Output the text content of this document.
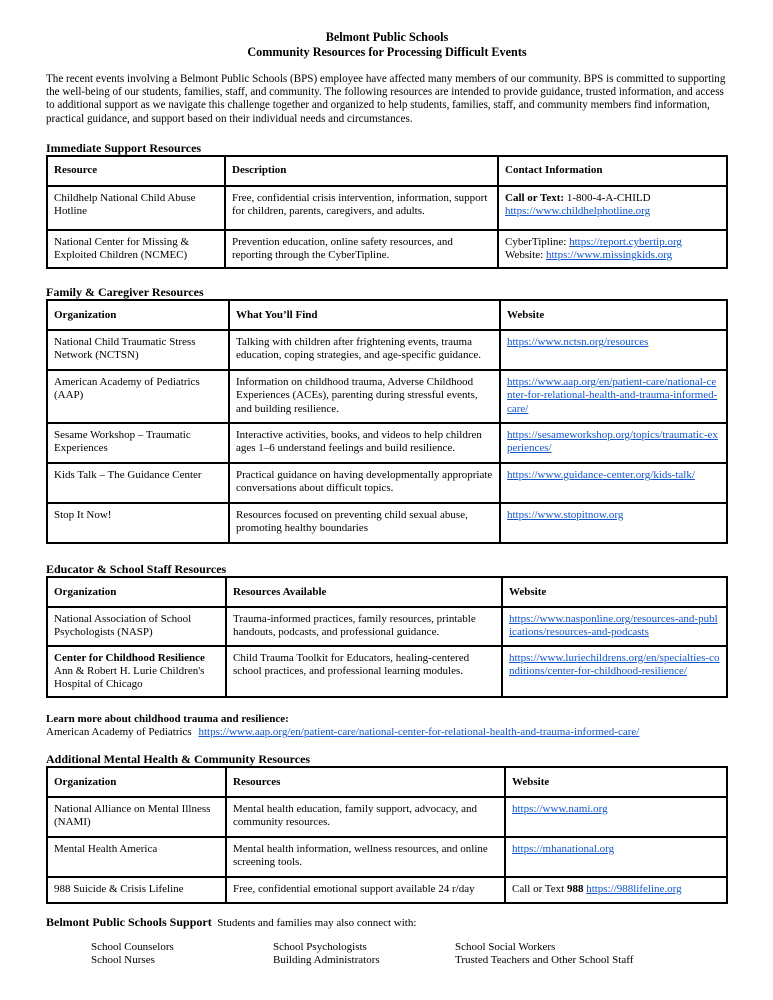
Belmont Public Schools
Community Resources for Processing Difficult Events
The recent events involving a Belmont Public Schools (BPS) employee have affected many members of our community. BPS is committed to supporting the well-being of our students, families, staff, and community. The following resources are intended to provide guidance, trusted information, and access to additional support as we navigate this challenge together and organized to help students, families, staff, and community members find information, practical guidance, and support based on their individual needs and circumstances.
Immediate Support Resources
Resource	Description	Contact Information
Childhelp National Child Abuse Hotline	Free, confidential crisis intervention, information, support for children, parents, caregivers, and adults.	Call or Text: 1-800-4-A-CHILD
https://www.childhelphotline.org
National Center for Missing & Exploited Children (NCMEC)	Prevention education, online safety resources, and reporting through the CyberTipline.	CyberTipline: https://report.cybertip.org
Website: https://www.missingkids.org
Family & Caregiver Resources
Organization	What You’ll Find	Website
National Child Traumatic Stress Network (NCTSN)	Talking with children after frightening events, trauma education, coping strategies, and age-specific guidance.	https://www.nctsn.org/resources
American Academy of Pediatrics (AAP)	Information on childhood trauma, Adverse Childhood Experiences (ACEs), parenting during stressful events, and building resilience.	https://www.aap.org/en/patient-care/national-center-for-relational-health-and-trauma-informed-care/
Sesame Workshop – Traumatic Experiences	Interactive activities, books, and videos to help children ages 1–6 understand feelings and build resilience.	https://sesameworkshop.org/topics/traumatic-experiences/
Kids Talk – The Guidance Center	Practical guidance on having developmentally appropriate conversations about difficult topics.	https://www.guidance-center.org/kids-talk/
Stop It Now!	Resources focused on preventing child sexual abuse, promoting healthy boundaries	https://www.stopitnow.org
Educator & School Staff Resources
Organization	Resources Available	Website
National Association of School Psychologists (NASP)	Trauma-informed practices, family resources, printable handouts, podcasts, and professional guidance.	https://www.nasponline.org/resources-and-publications/resources-and-podcasts
Center for Childhood Resilience
Ann & Robert H. Lurie Children's Hospital of Chicago	Child Trauma Toolkit for Educators, healing-centered school practices, and professional learning modules.	https://www.luriechildrens.org/en/specialties-conditions/center-for-childhood-resilience/
Learn more about childhood trauma and resilience:
American Academy of Pediatrics https://www.aap.org/en/patient-care/national-center-for-relational-health-and-trauma-informed-care/
Additional Mental Health & Community Resources
Organization	Resources	Website
National Alliance on Mental Illness (NAMI)	Mental health education, family support, advocacy, and community resources.	https://www.nami.org
Mental Health America	Mental health information, wellness resources, and online screening tools.	https://mhanational.org
988 Suicide & Crisis Lifeline	Free, confidential emotional support available 24 r/day	Call or Text 988 https://988lifeline.org
Belmont Public Schools Support  Students and families may also connect with:
School Counselors	School Psychologists	School Social Workers
School Nurses	Building Administrators	Trusted Teachers and Other School Staff
